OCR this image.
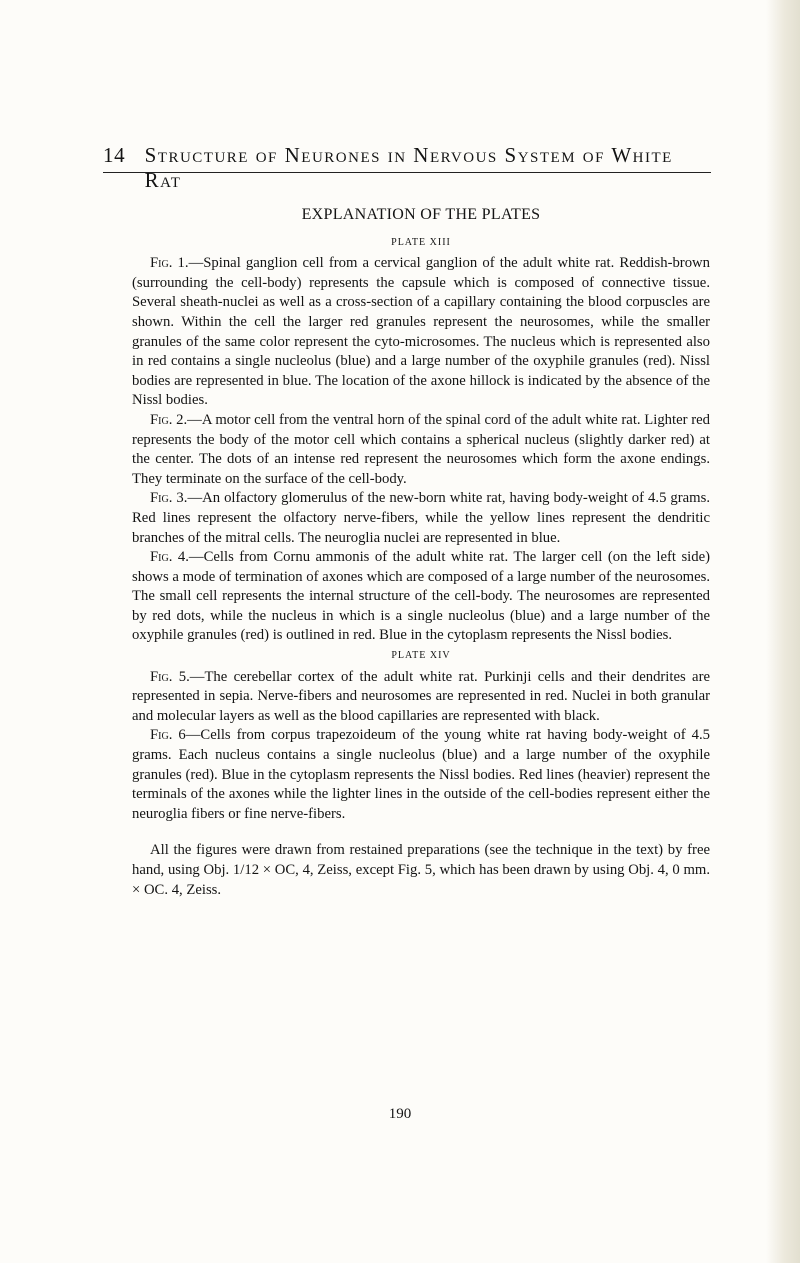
14 Structure of Neurones in Nervous System of White Rat
EXPLANATION OF THE PLATES
PLATE XIII

Fig. 1.—Spinal ganglion cell from a cervical ganglion of the adult white rat. Reddish-brown (surrounding the cell-body) represents the capsule which is composed of connective tissue. Several sheath-nuclei as well as a cross-section of a capillary containing the blood corpuscles are shown. Within the cell the larger red granules represent the neurosomes, while the smaller granules of the same color represent the cyto-microsomes. The nucleus which is represented also in red contains a single nucleolus (blue) and a large number of the oxyphile granules (red). Nissl bodies are represented in blue. The location of the axone hillock is indicated by the absence of the Nissl bodies.

Fig. 2.—A motor cell from the ventral horn of the spinal cord of the adult white rat. Lighter red represents the body of the motor cell which contains a spherical nucleus (slightly darker red) at the center. The dots of an intense red represent the neurosomes which form the axone endings. They terminate on the surface of the cell-body.

Fig. 3.—An olfactory glomerulus of the new-born white rat, having body-weight of 4.5 grams. Red lines represent the olfactory nerve-fibers, while the yellow lines represent the dendritic branches of the mitral cells. The neuroglia nuclei are represented in blue.

Fig. 4.—Cells from Cornu ammonis of the adult white rat. The larger cell (on the left side) shows a mode of termination of axones which are composed of a large number of the neurosomes. The small cell represents the internal structure of the cell-body. The neurosomes are represented by red dots, while the nucleus in which is a single nucleolus (blue) and a large number of the oxyphile granules (red) is outlined in red. Blue in the cytoplasm represents the Nissl bodies.

PLATE XIV

Fig. 5.—The cerebellar cortex of the adult white rat. Purkinji cells and their dendrites are represented in sepia. Nerve-fibers and neurosomes are represented in red. Nuclei in both granular and molecular layers as well as the blood capillaries are represented with black.

Fig. 6—Cells from corpus trapezoideum of the young white rat having body-weight of 4.5 grams. Each nucleus contains a single nucleolus (blue) and a large number of the oxyphile granules (red). Blue in the cytoplasm represents the Nissl bodies. Red lines (heavier) represent the terminals of the axones while the lighter lines in the outside of the cell-bodies represent either the neuroglia fibers or fine nerve-fibers.

All the figures were drawn from restained preparations (see the technique in the text) by free hand, using Obj. 1/12 × OC, 4, Zeiss, except Fig. 5, which has been drawn by using Obj. 4, 0 mm. × OC. 4, Zeiss.

190
